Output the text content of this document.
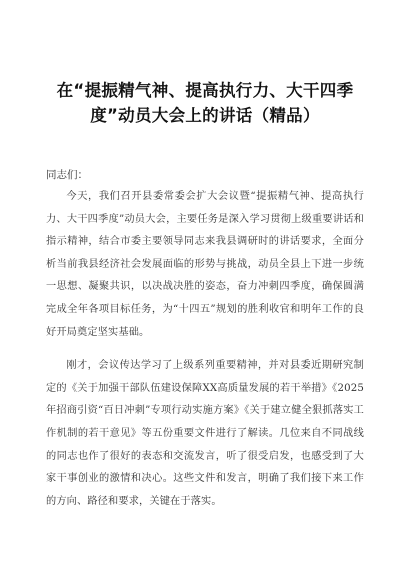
在“提振精气神、提高执行力、大干四季
度”动员大会上的讲话（精品）

同志们：

今天，我们召开县委常委会扩大会议暨“提振精气神、提高执行力、大干四季度”动员大会，主要任务是深入学习贯彻上级重要讲话和指示精神，结合市委主要领导同志来我县调研时的讲话要求，全面分析当前我县经济社会发展面临的形势与挑战，动员全县上下进一步统一思想、凝聚共识，以决战决胜的姿态，奋力冲刺四季度，确保圆满完成全年各项目标任务，为“十四五”规划的胜利收官和明年工作的良好开局奠定坚实基础。

刚才，会议传达学习了上级系列重要精神，并对县委近期研究制定的《关于加强干部队伍建设保障XX高质量发展的若干举措》《2025年招商引资“百日冲刺”专项行动实施方案》《关于建立健全狠抓落实工作机制的若干意见》等五份重要文件进行了解读。几位来自不同战线的同志也作了很好的表态和交流发言，听了很受启发，也感受到了大家干事创业的激情和决心。这些文件和发言，明确了我们接下来工作的方向、路径和要求，关键在于落实。
